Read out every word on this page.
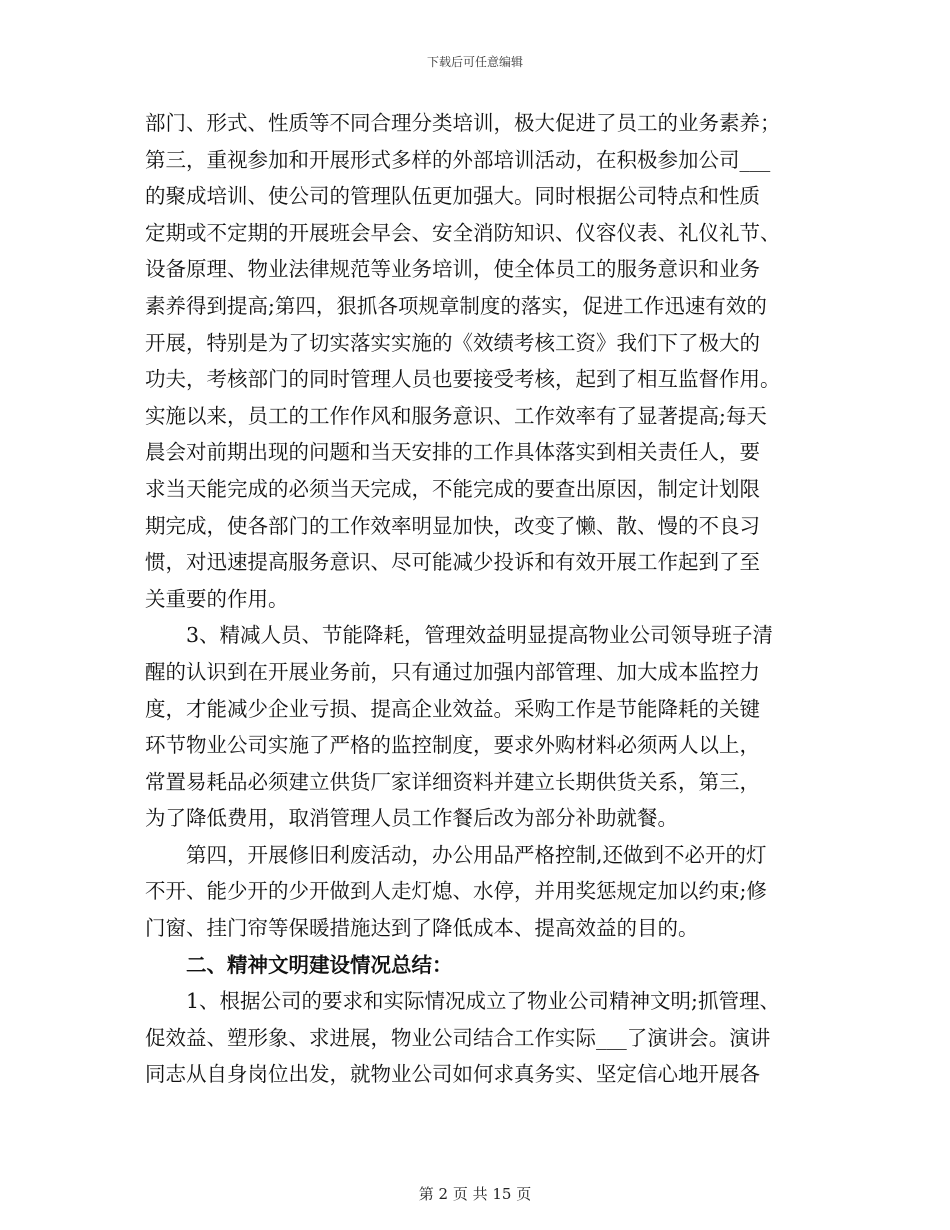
下载后可任意编辑
部门、形式、性质等不同合理分类培训，极大促进了员工的业务素养；
第三，重视参加和开展形式多样的外部培训活动，在积极参加公司___
的聚成培训、使公司的管理队伍更加强大。同时根据公司特点和性质
定期或不定期的开展班会早会、安全消防知识、仪容仪表、礼仪礼节、
设备原理、物业法律规范等业务培训，使全体员工的服务意识和业务
素养得到提高;第四，狠抓各项规章制度的落实，促进工作迅速有效的
开展，特别是为了切实落实实施的《效绩考核工资》我们下了极大的
功夫，考核部门的同时管理人员也要接受考核，起到了相互监督作用。
实施以来，员工的工作作风和服务意识、工作效率有了显著提高;每天
晨会对前期出现的问题和当天安排的工作具体落实到相关责任人，要
求当天能完成的必须当天完成，不能完成的要查出原因，制定计划限
期完成，使各部门的工作效率明显加快，改变了懒、散、慢的不良习
惯，对迅速提高服务意识、尽可能减少投诉和有效开展工作起到了至
关重要的作用。
　　3、精减人员、节能降耗，管理效益明显提高物业公司领导班子清
醒的认识到在开展业务前，只有通过加强内部管理、加大成本监控力
度，才能减少企业亏损、提高企业效益。采购工作是节能降耗的关键
环节物业公司实施了严格的监控制度，要求外购材料必须两人以上，
常置易耗品必须建立供货厂家详细资料并建立长期供货关系，第三，
为了降低费用，取消管理人员工作餐后改为部分补助就餐。
　　第四，开展修旧利废活动，办公用品严格控制,还做到不必开的灯
不开、能少开的少开做到人走灯熄、水停，并用奖惩规定加以约束;修
门窗、挂门帘等保暖措施达到了降低成本、提高效益的目的。
　　二、精神文明建设情况总结：
　　1、根据公司的要求和实际情况成立了物业公司精神文明;抓管理、
促效益、塑形象、求进展，物业公司结合工作实际___了演讲会。演讲
同志从自身岗位出发，就物业公司如何求真务实、坚定信心地开展各
第 2 页 共 15 页
